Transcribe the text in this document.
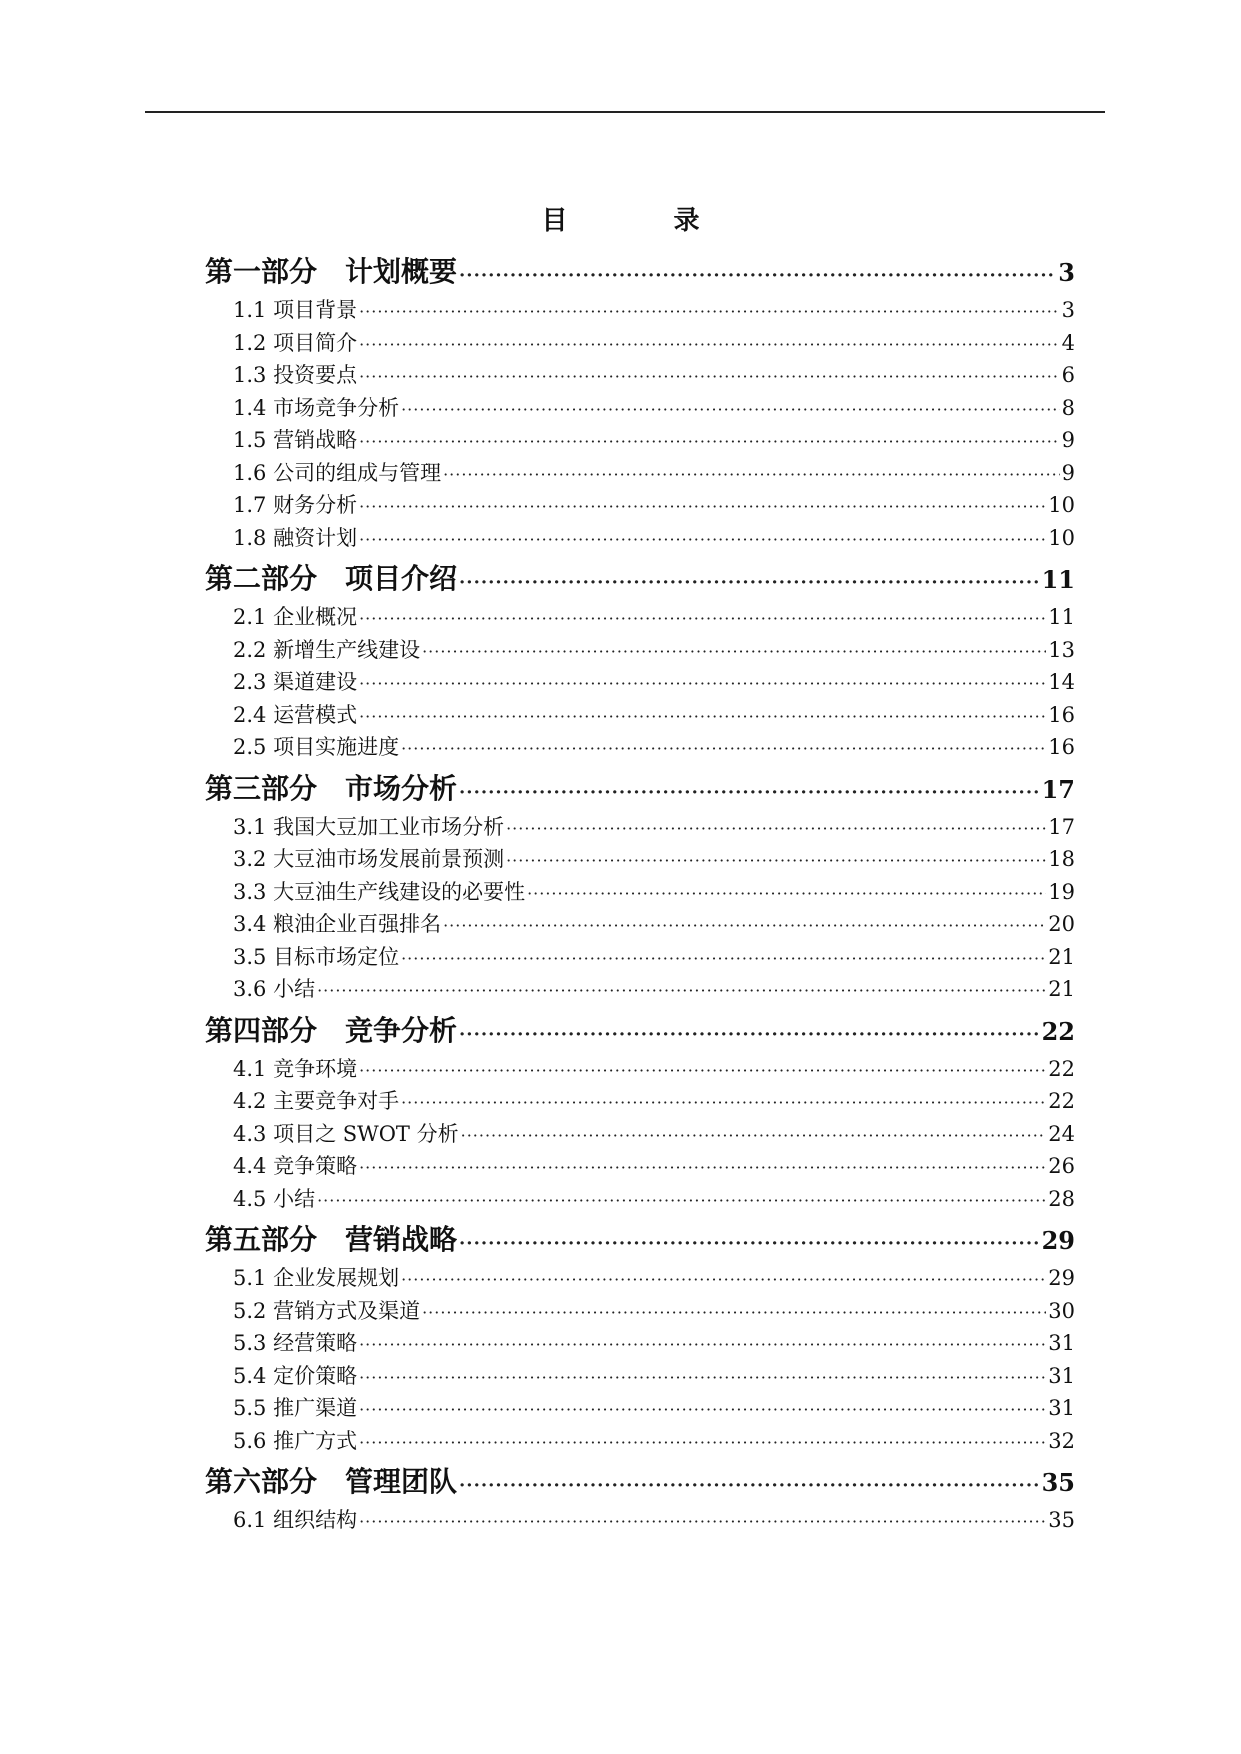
目　录
第一部分 计划概要 ·····	3
1.1 项目背景 ·····	3
1.2 项目简介 ·····	4
1.3 投资要点 ·····	6
1.4 市场竞争分析 ·····	8
1.5 营销战略 ·····	9
1.6 公司的组成与管理 ·····	9
1.7 财务分析 ·····	10
1.8 融资计划 ·····	10
第二部分 项目介绍 ·····	11
2.1 企业概况 ·····	11
2.2 新增生产线建设 ·····	13
2.3 渠道建设 ·····	14
2.4 运营模式 ·····	16
2.5 项目实施进度 ·····	16
第三部分 市场分析 ·····	17
3.1 我国大豆加工业市场分析 ·····	17
3.2 大豆油市场发展前景预测 ·····	18
3.3 大豆油生产线建设的必要性 ·····	19
3.4 粮油企业百强排名 ·····	20
3.5 目标市场定位 ·····	21
3.6 小结 ·····	21
第四部分 竞争分析 ·····	22
4.1 竞争环境 ·····	22
4.2 主要竞争对手 ·····	22
4.3 项目之 SWOT 分析 ·····	24
4.4 竞争策略 ·····	26
4.5 小结 ·····	28
第五部分 营销战略 ·····	29
5.1 企业发展规划 ·····	29
5.2 营销方式及渠道 ·····	30
5.3 经营策略 ·····	31
5.4 定价策略 ·····	31
5.5 推广渠道 ·····	31
5.6 推广方式 ·····	32
第六部分 管理团队 ·····	35
6.1 组织结构 ·····	35
